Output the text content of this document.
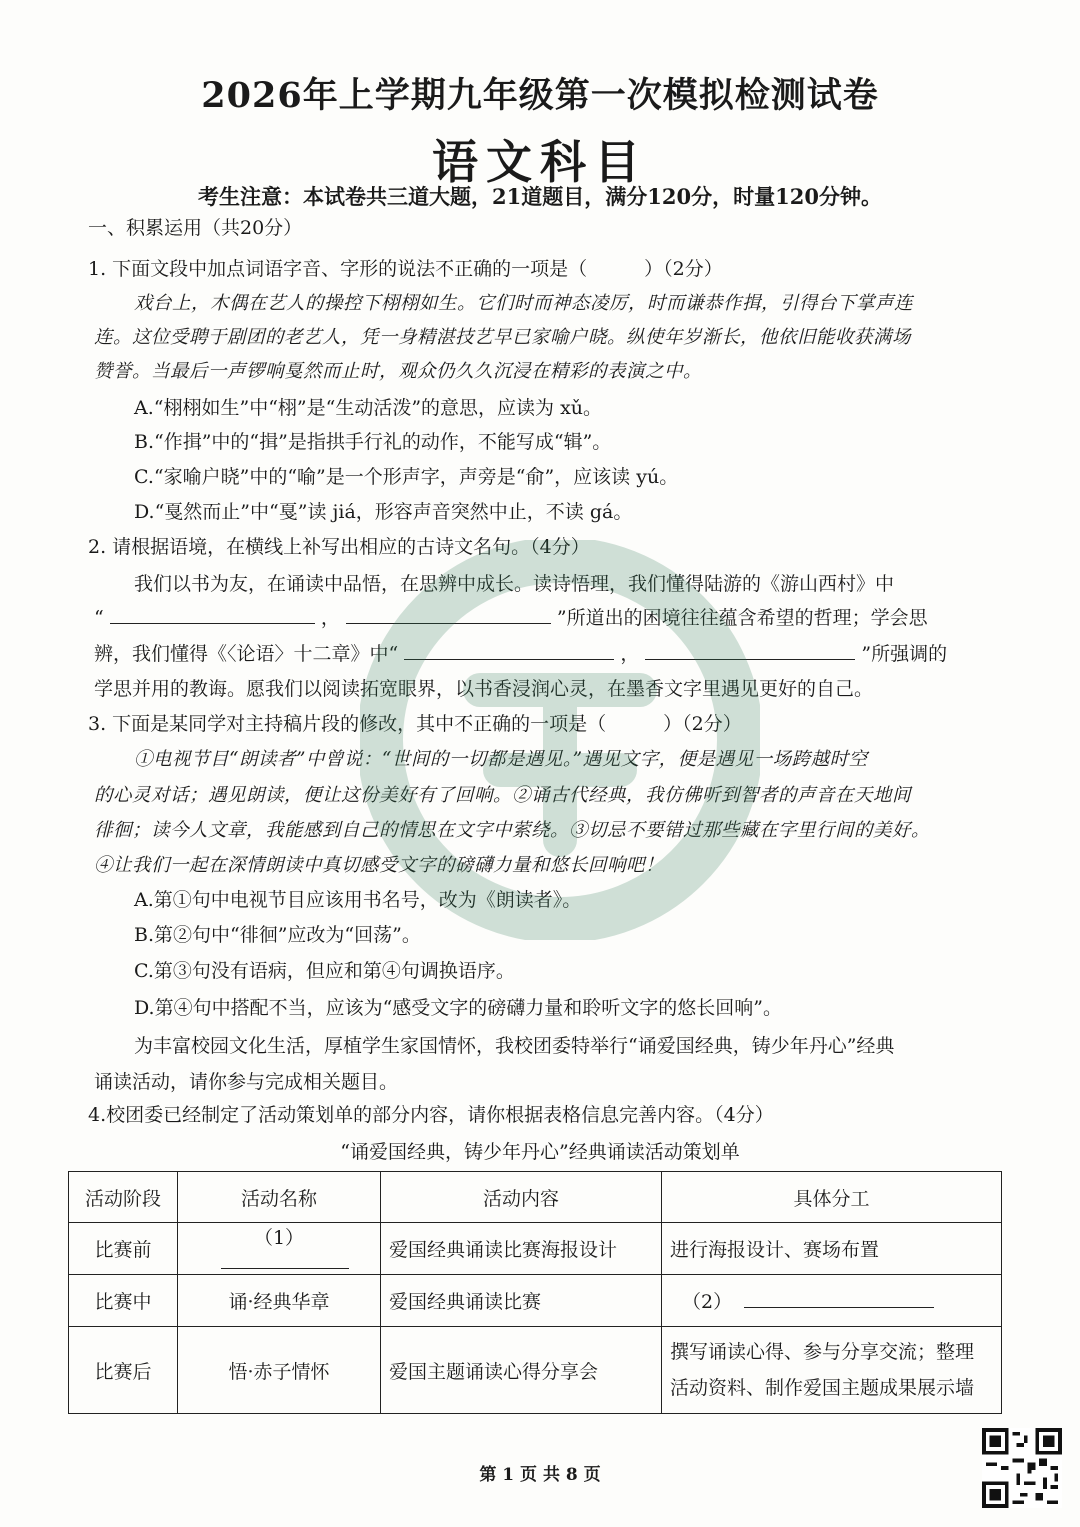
2026年上学期九年级第一次模拟检测试卷
语文科目
考生注意：本试卷共三道大题，21道题目，满分120分，时量120分钟。
一、积累运用（共20分）
1. 下面文段中加点词语字音、字形的说法不正确的一项是（　　　）（2分）
戏台上，木偶在艺人的操控下栩栩如生。它们时而神态凌厉，时而谦恭作揖，引得台下掌声连
连。这位受聘于剧团的老艺人，凭一身精湛技艺早已家喻户晓。纵使年岁渐长，他依旧能收获满场
赞誉。当最后一声锣响戛然而止时，观众仍久久沉浸在精彩的表演之中。
A.“栩栩如生”中“栩”是“生动活泼”的意思，应读为 xǔ。
B.“作揖”中的“揖”是指拱手行礼的动作，不能写成“辑”。
C.“家喻户晓”中的“喻”是一个形声字，声旁是“俞”，应该读 yú。
D.“戛然而止”中“戛”读 jiá，形容声音突然中止，不读 gá。
2. 请根据语境，在横线上补写出相应的古诗文名句。（4分）
我们以书为友，在诵读中品悟，在思辨中成长。读诗悟理，我们懂得陆游的《游山西村》中
“	，	”所道出的困境往往蕴含希望的哲理；学会思
辨，我们懂得《〈论语〉十二章》中“	，	”所强调的
学思并用的教诲。愿我们以阅读拓宽眼界，以书香浸润心灵，在墨香文字里遇见更好的自己。
3. 下面是某同学对主持稿片段的修改，其中不正确的一项是（　　　）（2分）
①电视节目“朗读者”中曾说：“世间的一切都是遇见。”遇见文字，便是遇见一场跨越时空
的心灵对话；遇见朗读，便让这份美好有了回响。②诵古代经典，我仿佛听到智者的声音在天地间
徘徊；读今人文章，我能感到自己的情思在文字中萦绕。③切忌不要错过那些藏在字里行间的美好。
④让我们一起在深情朗读中真切感受文字的磅礴力量和悠长回响吧！
A.第①句中电视节目应该用书名号，改为《朗读者》。
B.第②句中“徘徊”应改为“回荡”。
C.第③句没有语病，但应和第④句调换语序。
D.第④句中搭配不当，应该为“感受文字的磅礴力量和聆听文字的悠长回响”。
为丰富校园文化生活，厚植学生家国情怀，我校团委特举行“诵爱国经典，铸少年丹心”经典
诵读活动，请你参与完成相关题目。
4.校团委已经制定了活动策划单的部分内容，请你根据表格信息完善内容。（4分）
“诵爱国经典，铸少年丹心”经典诵读活动策划单
活动阶段	活动名称	活动内容	具体分工
比赛前	（1）	爱国经典诵读比赛海报设计	进行海报设计、赛场布置
比赛中	诵·经典华章	爱国经典诵读比赛	（2）
比赛后	悟·赤子情怀	爱国主题诵读心得分享会	撰写诵读心得、参与分享交流；整理
活动资料、制作爱国主题成果展示墙
第 1 页 共 8 页
